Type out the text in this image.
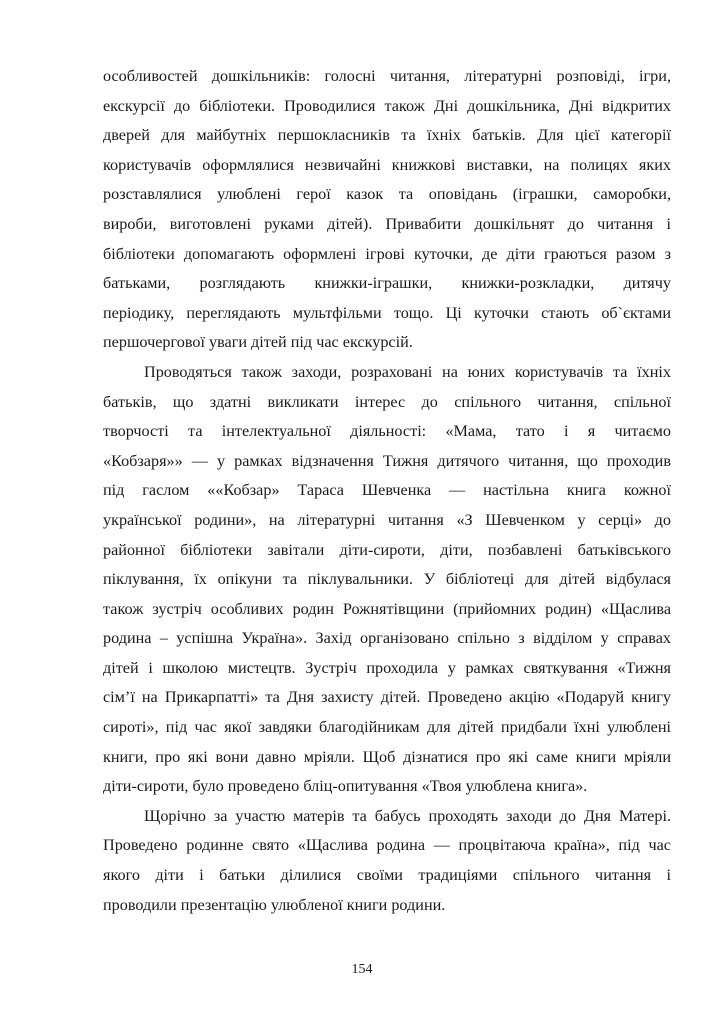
особливостей дошкільників: голосні читання, літературні розповіді, ігри,
екскурсії до бібліотеки. Проводилися також Дні дошкільника, Дні відкритих
дверей для майбутніх першокласників та їхніх батьків. Для цієї категорії
користувачів оформлялися незвичайні книжкові виставки, на полицях яких
розставлялися улюблені герої казок та оповідань (іграшки, саморобки,
вироби, виготовлені руками дітей). Привабити дошкільнят до читання і
бібліотеки допомагають оформлені ігрові куточки, де діти граються разом з
батьками, розглядають книжки-іграшки, книжки-розкладки, дитячу
періодику, переглядають мультфільми тощо. Ці куточки стають об`єктами
першочергової уваги дітей під час екскурсій.
Проводяться також заходи, розраховані на юних користувачів та їхніх
батьків, що здатні викликати інтерес до спільного читання, спільної
творчості та інтелектуальної діяльності: «Мама, тато і я читаємо
«Кобзаря»» — у рамках відзначення Тижня дитячого читання, що проходив
під гаслом ««Кобзар» Тараса Шевченка — настільна книга кожної
української родини», на літературні читання «З Шевченком у серці» до
районної бібліотеки завітали діти-сироти, діти, позбавлені батьківського
піклування, їх опікуни та піклувальники. У бібліотеці для дітей відбулася
також зустріч особливих родин Рожнятівщини (прийомних родин) «Щаслива
родина – успішна Україна». Захід організовано спільно з відділом у справах
дітей і школою мистецтв. Зустріч проходила у рамках святкування «Тижня
сім’ї на Прикарпатті» та Дня захисту дітей. Проведено акцію «Подаруй книгу
сироті», під час якої завдяки благодійникам для дітей придбали їхні улюблені
книги, про які вони давно мріяли. Щоб дізнатися про які саме книги мріяли
діти-сироти, було проведено бліц-опитування «Твоя улюблена книга».
Щорічно за участю матерів та бабусь проходять заходи до Дня Матері.
Проведено родинне свято «Щаслива родина — процвітаюча країна», під час
якого діти і батьки ділилися своїми традиціями спільного читання і
проводили презентацію улюбленої книги родини.
154
